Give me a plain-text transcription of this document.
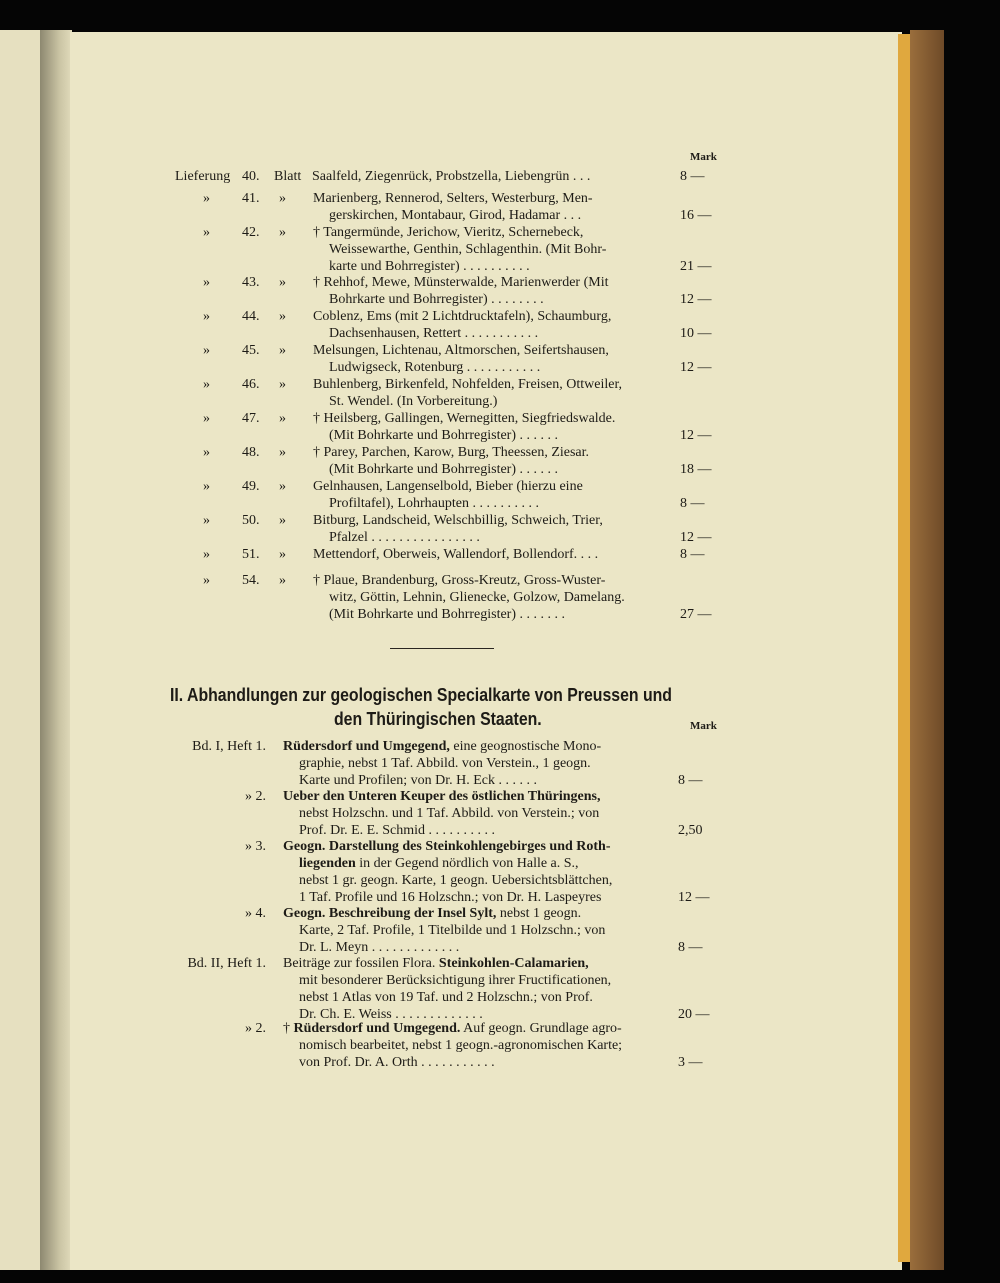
Mark
Lieferung 40. Blatt Saalfeld, Ziegenrück, Probstzella, Liebengrün . . .	8 —
» 41. » Marienberg, Rennerod, Selters, Westerburg, Men-
gerskirchen, Montabaur, Girod, Hadamar . . .	16 —
» 42. » † Tangermünde, Jerichow, Vieritz, Schernebeck,
Weissewarthe, Genthin, Schlagenthin. (Mit Bohr-
karte und Bohrregister) . . . . . . . . . .	21 —
» 43. » † Rehhof, Mewe, Münsterwalde, Marienwerder (Mit
Bohrkarte und Bohrregister) . . . . . . . .	12 —
» 44. » Coblenz, Ems (mit 2 Lichtdrucktafeln), Schaumburg,
Dachsenhausen, Rettert . . . . . . . . . . .	10 —
» 45. » Melsungen, Lichtenau, Altmorschen, Seifertshausen,
Ludwigseck, Rotenburg . . . . . . . . . . .	12 —
» 46. » Buhlenberg, Birkenfeld, Nohfelden, Freisen, Ottweiler,
St. Wendel. (In Vorbereitung.)
» 47. » † Heilsberg, Gallingen, Wernegitten, Siegfriedswalde.
(Mit Bohrkarte und Bohrregister) . . . . . .	12 —
» 48. » † Parey, Parchen, Karow, Burg, Theessen, Ziesar.
(Mit Bohrkarte und Bohrregister) . . . . . .	18 —
» 49. » Gelnhausen, Langenselbold, Bieber (hierzu eine
Profiltafel), Lohrhaupten . . . . . . . . . .	8 —
» 50. » Bitburg, Landscheid, Welschbillig, Schweich, Trier,
Pfalzel . . . . . . . . . . . . . . . .	12 —
» 51. » Mettendorf, Oberweis, Wallendorf, Bollendorf. . . .	8 —
» 54. » † Plaue, Brandenburg, Gross-Kreutz, Gross-Wuster-
witz, Göttin, Lehnin, Glienecke, Golzow, Damelang.
(Mit Bohrkarte und Bohrregister) . . . . . . .	27 —
II. Abhandlungen zur geologischen Specialkarte von Preussen und
den Thüringischen Staaten.	Mark
Bd. I, Heft 1. Rüdersdorf und Umgegend, eine geognostische Mono-
graphie, nebst 1 Taf. Abbild. von Verstein., 1 geogn.
Karte und Profilen; von Dr. H. Eck . . . . . .	8 —
» 2. Ueber den Unteren Keuper des östlichen Thüringens,
nebst Holzschn. und 1 Taf. Abbild. von Verstein.; von
Prof. Dr. E. E. Schmid . . . . . . . . . .	2,50
» 3. Geogn. Darstellung des Steinkohlengebirges und Roth-
liegenden in der Gegend nördlich von Halle a. S.,
nebst 1 gr. geogn. Karte, 1 geogn. Uebersichtsblättchen,
1 Taf. Profile und 16 Holzschn.; von Dr. H. Laspeyres	12 —
» 4. Geogn. Beschreibung der Insel Sylt, nebst 1 geogn.
Karte, 2 Taf. Profile, 1 Titelbilde und 1 Holzschn.; von
Dr. L. Meyn . . . . . . . . . . . . .	8 —
Bd. II, Heft 1. Beiträge zur fossilen Flora. Steinkohlen-Calamarien,
mit besonderer Berücksichtigung ihrer Fructificationen,
nebst 1 Atlas von 19 Taf. und 2 Holzschn.; von Prof.
Dr. Ch. E. Weiss . . . . . . . . . . . . .	20 —
» 2. † Rüdersdorf und Umgegend. Auf geogn. Grundlage agro-
nomisch bearbeitet, nebst 1 geogn.-agronomischen Karte;
von Prof. Dr. A. Orth . . . . . . . . . . .	3 —
